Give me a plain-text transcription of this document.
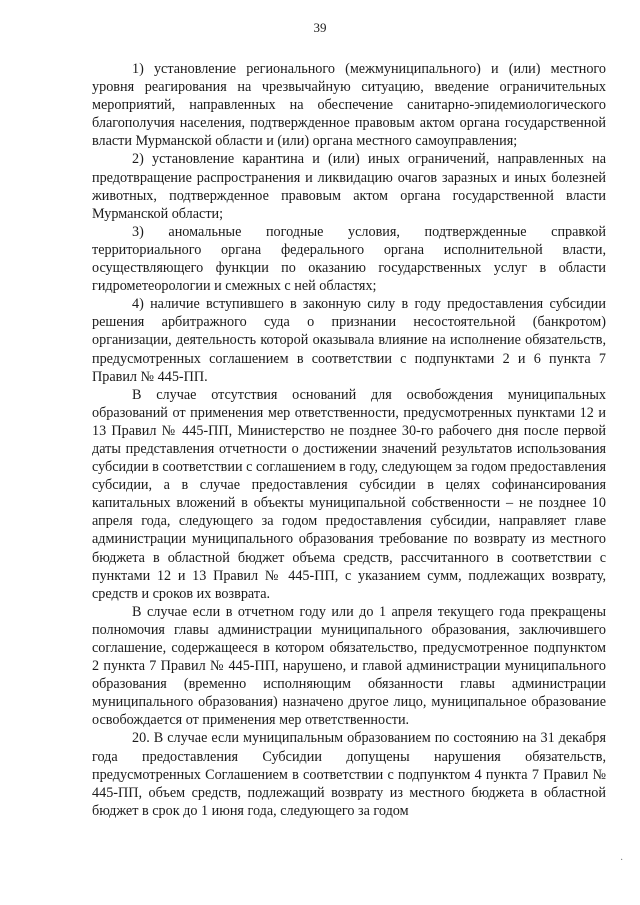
39

1) установление регионального (межмуниципального) и (или) местного уровня реагирования на чрезвычайную ситуацию, введение ограничительных мероприятий, направленных на обеспечение санитарно-эпидемиологического благополучия населения, подтвержденное правовым актом органа государственной власти Мурманской области и (или) органа местного самоуправления;

2) установление карантина и (или) иных ограничений, направленных на предотвращение распространения и ликвидацию очагов заразных и иных болезней животных, подтвержденное правовым актом органа государственной власти Мурманской области;

3) аномальные погодные условия, подтвержденные справкой территориального органа федерального органа исполнительной власти, осуществляющего функции по оказанию государственных услуг в области гидрометеорологии и смежных с ней областях;

4) наличие вступившего в законную силу в году предоставления субсидии решения арбитражного суда о признании несостоятельной (банкротом) организации, деятельность которой оказывала влияние на исполнение обязательств, предусмотренных соглашением в соответствии с подпунктами 2 и 6 пункта 7 Правил № 445-ПП.

В случае отсутствия оснований для освобождения муниципальных образований от применения мер ответственности, предусмотренных пунктами 12 и 13 Правил № 445-ПП, Министерство не позднее 30-го рабочего дня после первой даты представления отчетности о достижении значений результатов использования субсидии в соответствии с соглашением в году, следующем за годом предоставления субсидии, а в случае предоставления субсидии в целях софинансирования капитальных вложений в объекты муниципальной собственности – не позднее 10 апреля года, следующего за годом предоставления субсидии, направляет главе администрации муниципального образования требование по возврату из местного бюджета в областной бюджет объема средств, рассчитанного в соответствии с пунктами 12 и 13 Правил № 445-ПП, с указанием сумм, подлежащих возврату, средств и сроков их возврата.

В случае если в отчетном году или до 1 апреля текущего года прекращены полномочия главы администрации муниципального образования, заключившего соглашение, содержащееся в котором обязательство, предусмотренное подпунктом 2 пункта 7 Правил № 445-ПП, нарушено, и главой администрации муниципального образования (временно исполняющим обязанности главы администрации муниципального образования) назначено другое лицо, муниципальное образование освобождается от применения мер ответственности.

20. В случае если муниципальным образованием по состоянию на 31 декабря года предоставления Субсидии допущены нарушения обязательств, предусмотренных Соглашением в соответствии с подпунктом 4 пункта 7 Правил № 445-ПП, объем средств, подлежащий возврату из местного бюджета в областной бюджет в срок до 1 июня года, следующего за годом

·
